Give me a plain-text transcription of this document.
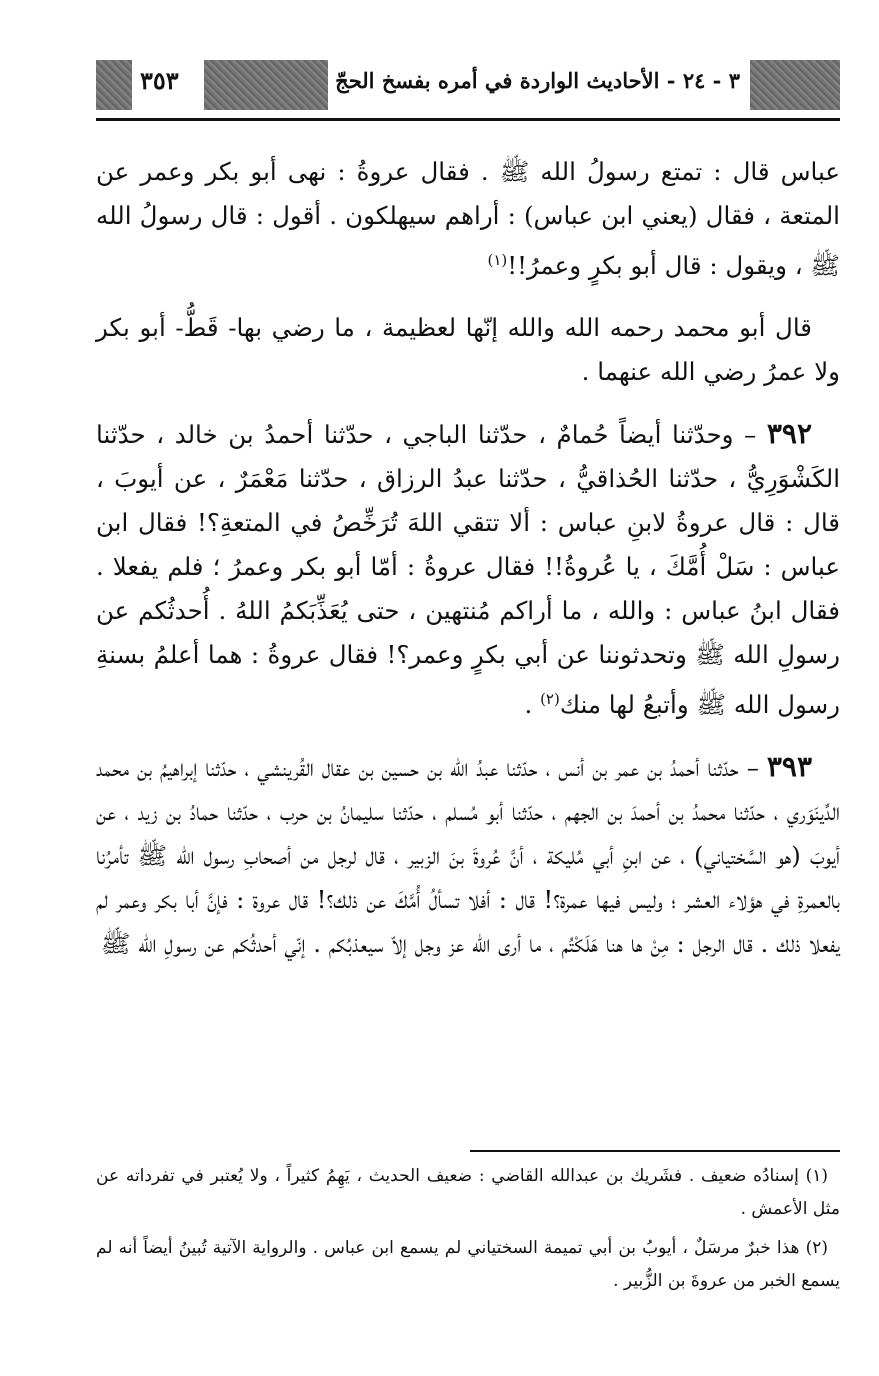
٣ - ٢٤ - الأحاديث الواردة في أمره بفسخ الحجّ
٣٥٣

عباس قال : تمتع رسولُ الله ﷺ . فقال عروةُ : نهى أبو بكر وعمر عن المتعة ، فقال (يعني ابن عباس) : أراهم سيهلكون . أقول : قال رسولُ الله ﷺ ، ويقول : قال أبو بكرٍ وعمرُ!!$^{(١)}$

قال أبو محمد رحمه الله والله إنّها لعظيمة ، ما رضي بها- قَطُّ- أبو بكر ولا عمرُ رضي الله عنهما .

٣٩٢ – وحدّثنا أيضاً حُمامٌ ، حدّثنا الباجي ، حدّثنا أحمدُ بن خالد ، حدّثنا الكَشْوَرِيُّ ، حدّثنا الحُذاقيُّ ، حدّثنا عبدُ الرزاق ، حدّثنا مَعْمَرٌ ، عن أيوبَ ، قال : قال عروةُ لابنِ عباس : ألا تتقي اللهَ تُرَخِّصُ في المتعةِ؟! فقال ابن عباس : سَلْ أُمَّكَ ، يا عُروةُ!! فقال عروةُ : أمّا أبو بكر وعمرُ ؛ فلم يفعلا . فقال ابنُ عباس : والله ، ما أراكم مُنتهين ، حتى يُعَذِّبَكمُ اللهُ . أُحدثُكم عن رسولِ الله ﷺ وتحدثوننا عن أبي بكرٍ وعمر؟! فقال عروةُ : هما أعلمُ بسنةِ رسول الله ﷺ وأتبعُ لها منك$^{(٢)}$ .

٣٩٣ – حدّثنا أحمدُ بن عمر بن أنس ، حدّثنا عبدُ الله بن حسين بن عقال القُرينشي ، حدّثنا إبراهيمُ بن محمد الدِّينَوَري ، حدّثنا محمدُ بن أحمدَ بن الجهم ، حدّثنا أبو مُسلم ، حدّثنا سليمانُ بن حرب ، حدّثنا حمادُ بن زيد ، عن أيوبَ (هو السَّختياني) ، عن ابنِ أبي مُليكة ، أنَّ عُروةَ بنَ الزبير ، قال لرجل من أصحابِ رسول الله ﷺ تأمرُنا بالعمرةِ في هؤلاء العشر ؛ وليس فيها عمرة؟! قال : أفلا تسألُ أُمَّكَ عن ذلك؟! قال عروة : فإنَّ أبا بكر وعمر لم يفعلا ذلك . قال الرجل : مِنْ ها هنا هَلَكْتُم ، ما أرى الله عز وجل إلاّ سيعذبُكم . إنّي أحدثُكم عن رسولِ الله ﷺ

(١) إسنادُه ضعيف . فشَريك بن عبدالله القاضي : ضعيف الحديث ، يَهِمُ كثيراً ، ولا يُعتبر في تفرداته عن مثل الأعمش .

(٢) هذا خبرٌ مرسَلٌ ، أيوبُ بن أبي تميمة السختياني لم يسمع ابن عباس . والرواية الآتية تُبينُ أيضاً أنه لم يسمع الخبر من عروةَ بن الزُّبير .
